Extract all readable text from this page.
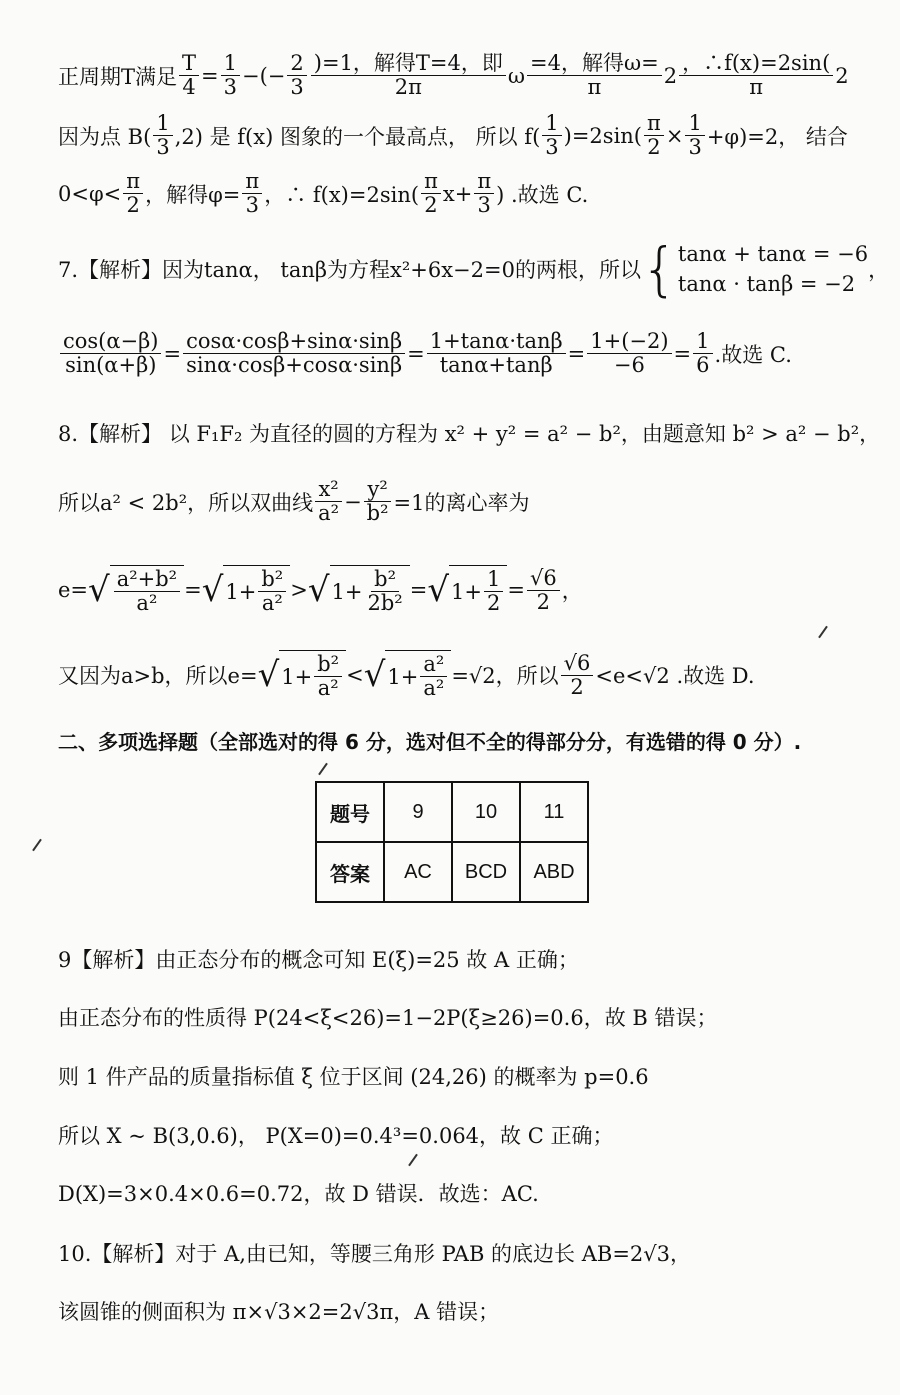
正周期T满足 $\frac{T}{4} = \frac{1}{3}$ −(− $\frac{2}{3} \frac{\text{)=1，解得T=4，即}}{2\pi}$ ω $\frac{\text{=4，解得ω=}}{\pi} 2 \frac{,\therefore f(x)=2\sin(}{\pi} 2$
因为点 $B( \frac{1}{3} ,2)$ 是 f(x) 图象的一个最高点， 所以 $f( \frac{1}{3} )=2\sin( \frac{\pi}{2} \times \frac{1}{3} +\varphi)=2$， 结合
$0<\varphi< \frac{\pi}{2}$ ，解得$\varphi= \frac{\pi}{3}$ ，∴ $f(x)=2\sin( \frac{\pi}{2} x+ \frac{\pi}{3}$ ) .故选 C.
7.【解析】因为tanα， tanβ为方程x²+6x−2=0的两根，所以 { tanα + tanα = −6
tanα · tanβ = −2
，
$\frac{\cos(\alpha-\beta)}{\sin(\alpha+\beta)} = \frac{\cos\alpha\cdot\cos\beta+\sin\alpha\cdot\sin\beta}{\sin\alpha\cdot\cos\beta+\cos\alpha\cdot\sin\beta} = \frac{1+\tan\alpha\cdot\tan\beta}{\tan\alpha+\tan\beta} = \frac{1+(-2)}{-6} = \frac{1}{6}$ .故选 C.
8.【解析】 以 F₁F₂ 为直径的圆的方程为 x² + y² = a² − b²，由题意知 b² > a² − b²，
所以a² < 2b²，所以双曲线 $\frac{\text{x²}}{\text{a²}} - \frac{\text{y²}}{\text{b²}} =1$的离心率为
e= √ $\frac{\text{a²+b²}}{\text{a²}}$ = √ $1+ \frac{\text{b²}}{\text{a²}}$ > √ $1+ \frac{\text{b²}}{\text{2b²}}$ = √ $1+ \frac{1}{2} = \frac{√6}{2}$ ，
又因为a>b，所以e= √ $1+ \frac{\text{b²}}{\text{a²}}$ < √ $1+ \frac{\text{a²}}{\text{a²}} =√2$，所以 $\frac{√6}{2} <e<√2$ .故选 D.
二、多项选择题（全部选对的得 6 分，选对但不全的得部分分，有选错的得 0 分）.
题号	9	10	11
答案	AC	BCD	ABD
9【解析】由正态分布的概念可知 E(ξ)=25 故 A 正确；
由正态分布的性质得 P(24<ξ<26)=1−2P(ξ≥26)=0.6，故 B 错误；
则 1 件产品的质量指标值 ξ 位于区间 (24,26) 的概率为 p=0.6
所以 X ~ B(3,0.6)， P(X=0)=0.4³=0.064，故 C 正确；
D(X)=3×0.4×0.6=0.72，故 D 错误．故选：AC.
10.【解析】对于 A,由已知，等腰三角形 PAB 的底边长 AB=2√3，
该圆锥的侧面积为 π×√3×2=2√3π，A 错误；
